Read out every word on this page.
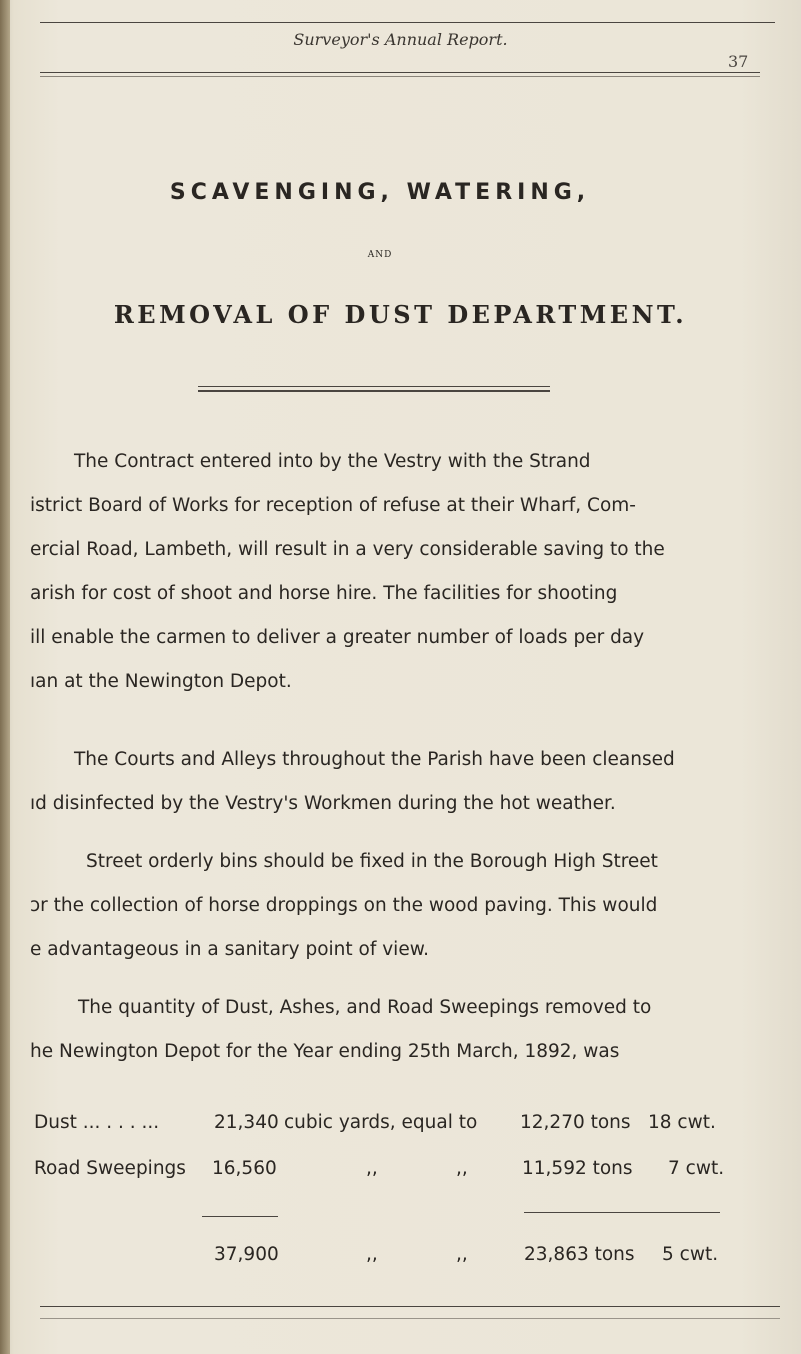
Surveyor's Annual Report.
37
SCAVENGING, WATERING,
AND
REMOVAL OF DUST DEPARTMENT.
The Contract entered into by the Vestry with the Strand
istrict Board of Works for reception of refuse at their Wharf, Com-
ercial Road, Lambeth, will result in a very considerable saving to the
arish for cost of shoot and horse hire. The facilities for shooting
ill enable the carmen to deliver a greater number of loads per day
ıan at the Newington Depot.
The Courts and Alleys throughout the Parish have been cleansed
ıd disinfected by the Vestry's Workmen during the hot weather.
Street orderly bins should be fixed in the Borough High Street
ɔr the collection of horse droppings on the wood paving. This would
e advantageous in a sanitary point of view.
The quantity of Dust, Ashes, and Road Sweepings removed to
he Newington Depot for the Year ending 25th March, 1892, was
Dust ... . . . ...	21,340 cubic yards, equal to 12,270 tons 18 cwt.
Road Sweepings 16,560	,,	,,	11,592 tons 7 cwt.
37,900	,,	,,	23,863 tons 5 cwt.
